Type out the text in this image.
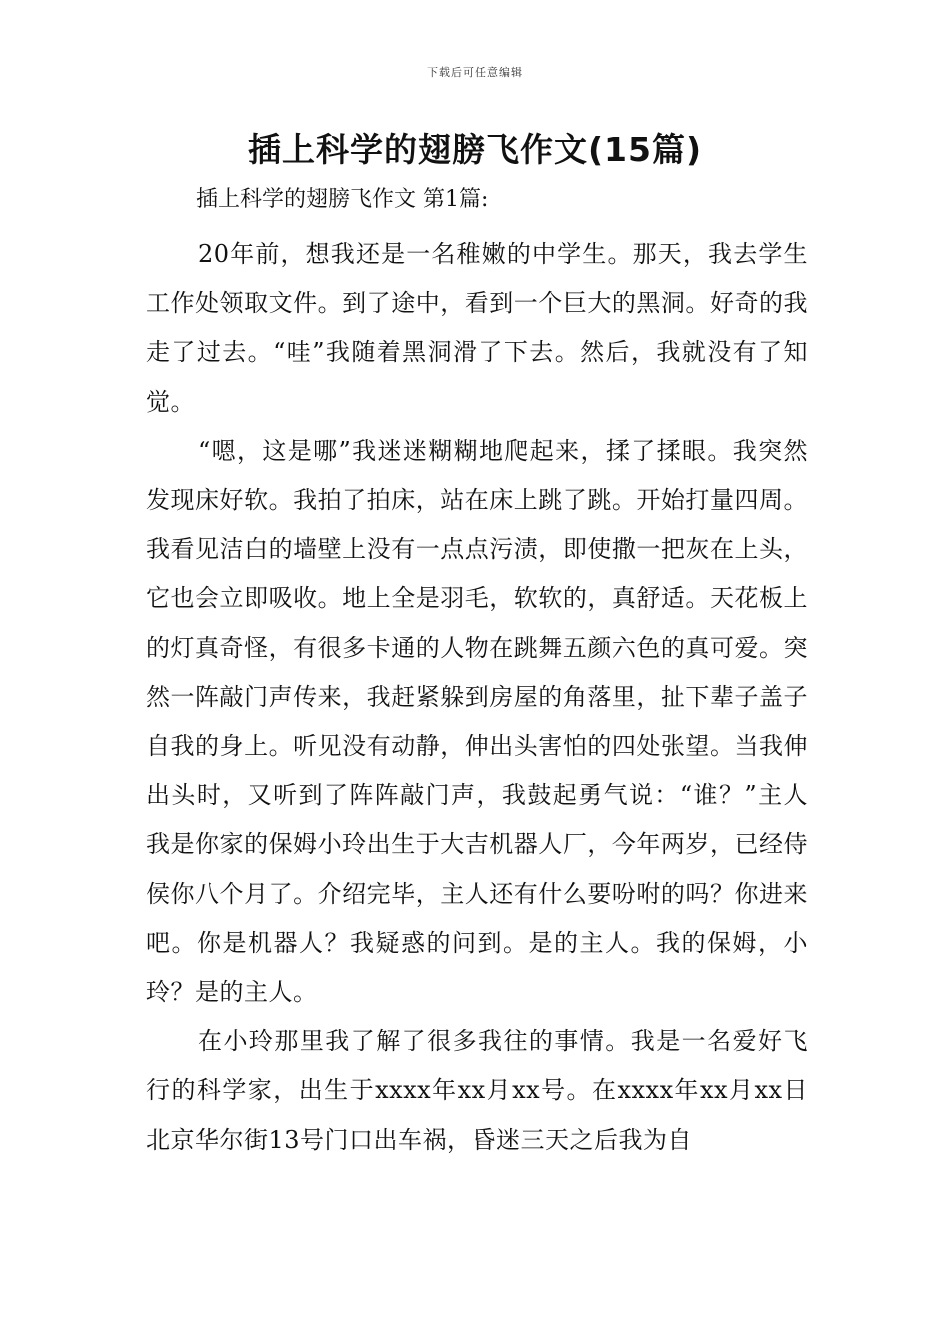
下载后可任意编辑
插上科学的翅膀飞作文(15篇)
插上科学的翅膀飞作文 第1篇:

20年前，想我还是一名稚嫩的中学生。那天，我去学生工作处领取文件。到了途中，看到一个巨大的黑洞。好奇的我走了过去。“哇”我随着黑洞滑了下去。然后，我就没有了知觉。

“嗯，这是哪”我迷迷糊糊地爬起来，揉了揉眼。我突然发现床好软。我拍了拍床，站在床上跳了跳。开始打量四周。我看见洁白的墙壁上没有一点点污渍，即使撒一把灰在上头，它也会立即吸收。地上全是羽毛，软软的，真舒适。天花板上的灯真奇怪，有很多卡通的人物在跳舞五颜六色的真可爱。突然一阵敲门声传来，我赶紧躲到房屋的角落里，扯下辈子盖子自我的身上。听见没有动静，伸出头害怕的四处张望。当我伸出头时，又听到了阵阵敲门声，我鼓起勇气说：“谁？”主人我是你家的保姆小玲出生于大吉机器人厂，今年两岁，已经侍侯你八个月了。介绍完毕，主人还有什么要吩咐的吗？你进来吧。你是机器人？我疑惑的问到。是的主人。我的保姆，小玲？是的主人。

在小玲那里我了解了很多我往的事情。我是一名爱好飞行的科学家，出生于xxxx年xx月xx号。在xxxx年xx月xx日北京华尔街13号门口出车祸，昏迷三天之后我为自
